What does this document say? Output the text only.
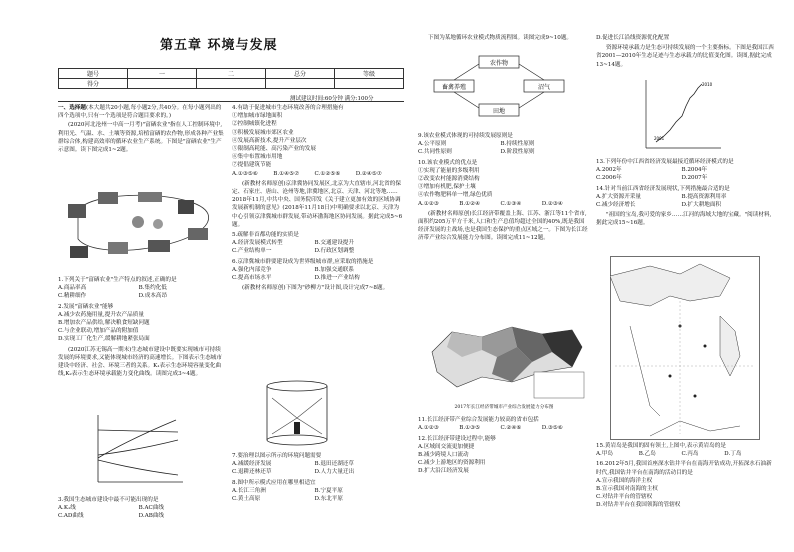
第五章 环境与发展
题号	一	二	总分	等级
得分				
测试建议时间:60分钟 满分:100分

一、选择题(本大题共20小题,每小题2分,共40分。在每小题列出的四个选项中,只有一个选项是符合题目要求的。)

(2020河北沧州一中高一月考)"富硒农业"指在人工控制环境中,利用光、气温、水、土壤等资源,培植富硒的农作物,形成各种产业集群综合体,构建高效率的循环农业生产系统。下图是"富硒农业"生产示意图。读下图完成1~2题。

1.下列关于"富硒农业"生产特点的叙述,正确的是

A.商品率高	B.集约化低

C.精耕细作	D.成本高昂

2.发展"富硒农业"能够

A.减少农药施用量,提升农产品质量

B.增加农产品供给,解决粮食短缺问题

C.与企业联动,增加产品的附加值

D.实现工厂化生产,缓解耕地紧张局面

(2020江苏无锡高一期末)生态城市建设中既要实现城市可持续发展的环境要求,又能体现城市经济的高速增长。下图表示生态城市建设中经济、社会、环境三者的关系。K₁表示生态环境容量变化曲线,K₂表示生态环境承载能力变化曲线。读图完成3~4题。

3.我国生态城市建设中最不可能出现的是

A.K₁线	B.AC曲线

C.AD曲线	D.AB曲线

4.有助于促进城市生态环境改善的合理措施有

①增加城市绿地面积

②控制城镇化进程

③积极发展城市郊区农业

④发展高新技术,提升产业层次

⑤限制高耗能、高污染产业的发展

⑥集中布置城市用地

⑦提倡建筑节能

A.①③⑤⑥	B.①④⑤⑦	C.①②⑤⑥	D.②④⑤⑦

(新教材名师原创)京津冀协同发展区,北京为大直辖市,河北省的保定、石家庄、唐山、沧州等地,津冀地区,北京、天津、河北等地……2018年11月,中共中央、国务院印发《关于建立更加有效的区域协调发展新机制的意见》(2018年11月18日)中明确要求以北京、天津为中心引领京津冀城市群发展,带动环渤海地区协同发展。据此完成5~6题。

5.疏解非首都功能的实质是

A.经济发展模式转型	B.交通建设提升

C.产业结构单一	D.行政区划调整

6.京津冀城市群要建设成为世界级城市群,应采取的措施是

A.强化内部竞争	B.加强交通联系

C.提高市场水平	D.推进一产业结构

(新教材名师原创)下图为"砂柳方"设计图,设计完成7~8题。

7.要治理以图示所示的环境问题需要

A.减缓经济发展	B.退田还湖还草

C.退耕还林还草	D.人力大量迁出

8.图中所示模式应用在哪里相适宜

A.长江三角洲	B.宁夏平原

C.黄土高原	D.东北平原

下图为某地循环农业模式物质流程图。读图完成9~10题。

农作物
畜禽养殖	沼气
田地

9.该农业模式体现的可持续发展原则是

A.公平原则	B.持续性原则

C.共同性原则	D.阶段性原则

10.该农业模式的优点是

①实现了能量的多级利用

②改变农村能源消费结构

③增加有机肥,保护土壤

④农作物肥料单一增,绿色优质

A.①②③	B.①②④	C.①③④	D.②③④

(新教材名师原创)长江经济带覆盖上海、江苏、浙江等11个省市,面积约205万平方千米,人口和生产总值均超过全国的40%,既是我国经济发展的主战场,也是我国生态保护的重点区域之一。下图为长江经济带产业综合发展能力分布图。读图完成11~12题。

2017年长江经济带城市产业综合发展能力分布图

11.长江经济带产业综合发展能力较高的省市包括

A.①②③	B.①③⑤	C.②④⑥	D.③⑤⑥

12.长江经济带建设过程中,能够

A.区域间交流更加便捷

B.减少跨境人口流动

C.减少上游地区的资源利用

D.扩大沿江经济发展

D.促进长江沿线资源优化配置

资源环境承载力是生态可持续发展的一个主要指标。下图是我国江西省2001—2010年生态足迹与生态承载力的比值变化图。读图,据此完成13~14题。

2001
2010

13.下列年份中江西省经济发展最接近循环经济模式的是

A.2002年	B.2004年

C.2006年	D.2007年

14.针对当前江西省经济发展现状,下列措施最合适的是

A.扩大资源开采量	B.提高资源利用率

C.减少经济增长	D.扩大耕地面积

"祖国的宝岛,我可爱的家乡……江河的海域大地的宝藏。"阅读材料,据此完成15~16题。

15.黄岩岛是我国的固有领土,上图中,表示黄岩岛的是

A.甲岛	B.乙岛	C.丙岛	D.丁岛

16.2012年5月,我国首座深水钻井平台在南海开钻成功,开拓深水石油新时代,我国钻井平台在南海的活动目的是

A.宣示我国的海洋主权

B.宣示我国对南海的主权

C.对钻井平台的管辖权

D.对钻井平台在我国领海的管辖权
